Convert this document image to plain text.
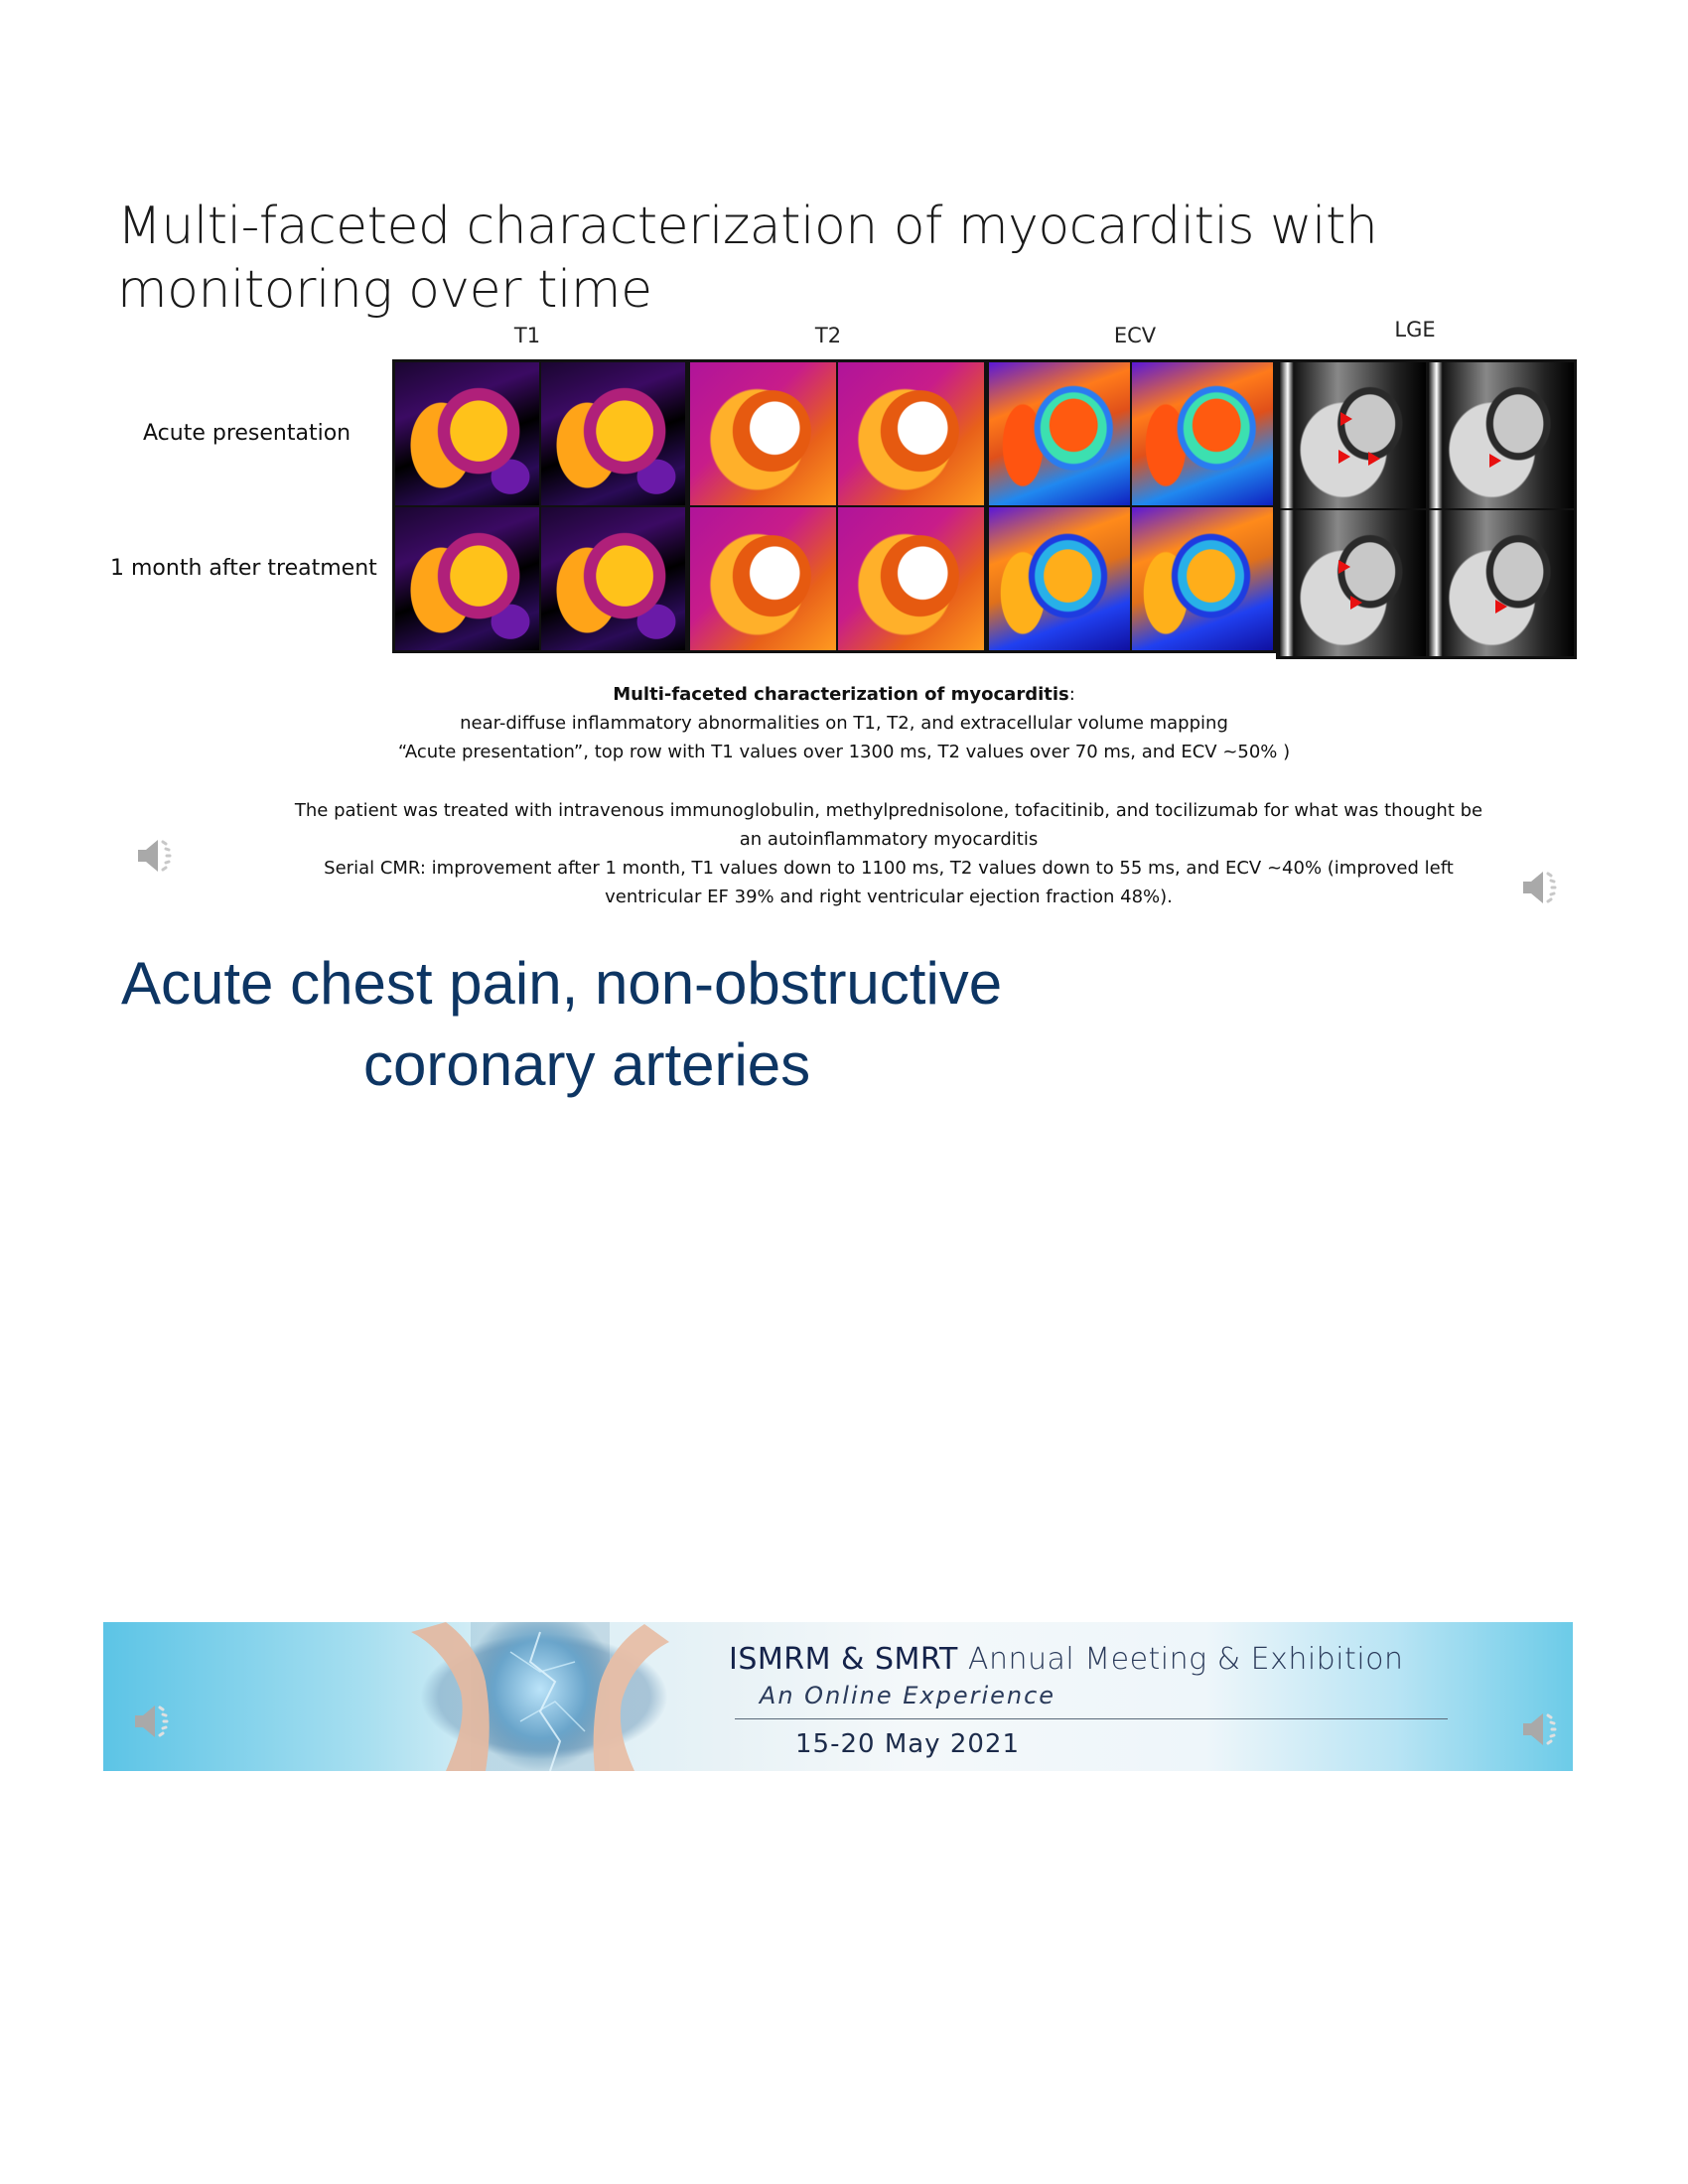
Multi-faceted characterization of myocarditis with
monitoring over time
T1	T2	ECV	LGE
Acute presentation
1 month after treatment
Multi-faceted characterization of myocarditis:
near-diffuse inflammatory abnormalities on T1, T2, and extracellular volume mapping
“Acute presentation”, top row with T1 values over 1300 ms, T2 values over 70 ms, and ECV ~50% )
The patient was treated with intravenous immunoglobulin, methylprednisolone, tofacitinib, and tocilizumab for what was thought be
an autoinflammatory myocarditis
Serial CMR: improvement after 1 month, T1 values down to 1100 ms, T2 values down to 55 ms, and ECV ~40% (improved left
ventricular EF 39% and right ventricular ejection fraction 48%).
Acute chest pain, non-obstructive
coronary arteries
ISMRM & SMRT Annual Meeting & Exhibition
An Online Experience
15-20 May 2021
